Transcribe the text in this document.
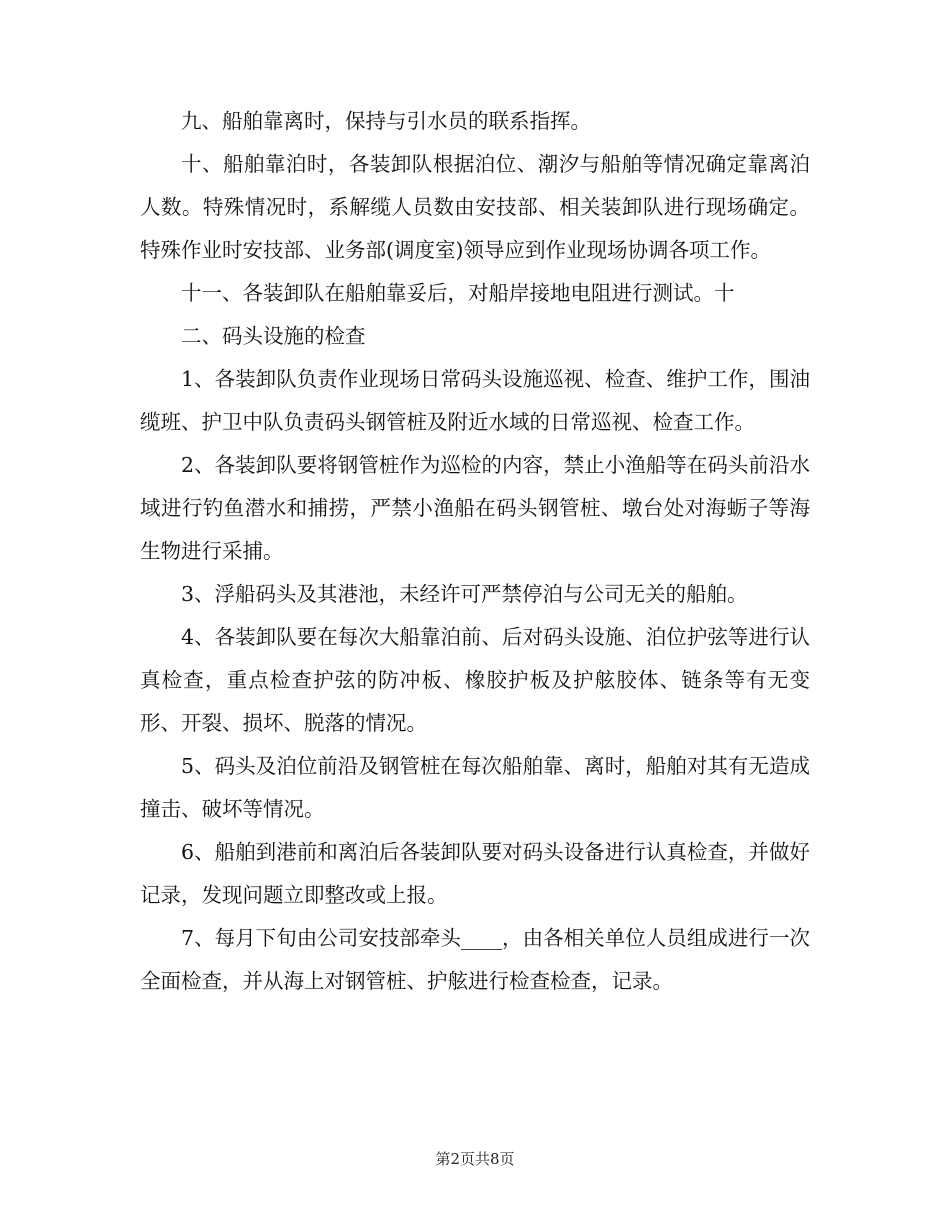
九、船舶靠离时，保持与引水员的联系指挥。

十、船舶靠泊时，各装卸队根据泊位、潮汐与船舶等情况确定靠离泊人数。特殊情况时，系解缆人员数由安技部、相关装卸队进行现场确定。特殊作业时安技部、业务部(调度室)领导应到作业现场协调各项工作。

十一、各装卸队在船舶靠妥后，对船岸接地电阻进行测试。十

二、码头设施的检查

1、各装卸队负责作业现场日常码头设施巡视、检查、维护工作，围油缆班、护卫中队负责码头钢管桩及附近水域的日常巡视、检查工作。

2、各装卸队要将钢管桩作为巡检的内容，禁止小渔船等在码头前沿水域进行钓鱼潜水和捕捞，严禁小渔船在码头钢管桩、墩台处对海蛎子等海生物进行采捕。

3、浮船码头及其港池，未经许可严禁停泊与公司无关的船舶。

4、各装卸队要在每次大船靠泊前、后对码头设施、泊位护弦等进行认真检查，重点检查护弦的防冲板、橡胶护板及护舷胶体、链条等有无变形、开裂、损坏、脱落的情况。

5、码头及泊位前沿及钢管桩在每次船舶靠、离时，船舶对其有无造成撞击、破坏等情况。

6、船舶到港前和离泊后各装卸队要对码头设备进行认真检查，并做好记录，发现问题立即整改或上报。

7、每月下旬由公司安技部牵头____，由各相关单位人员组成进行一次全面检查，并从海上对钢管桩、护舷进行检查检查，记录。

第2页共8页
